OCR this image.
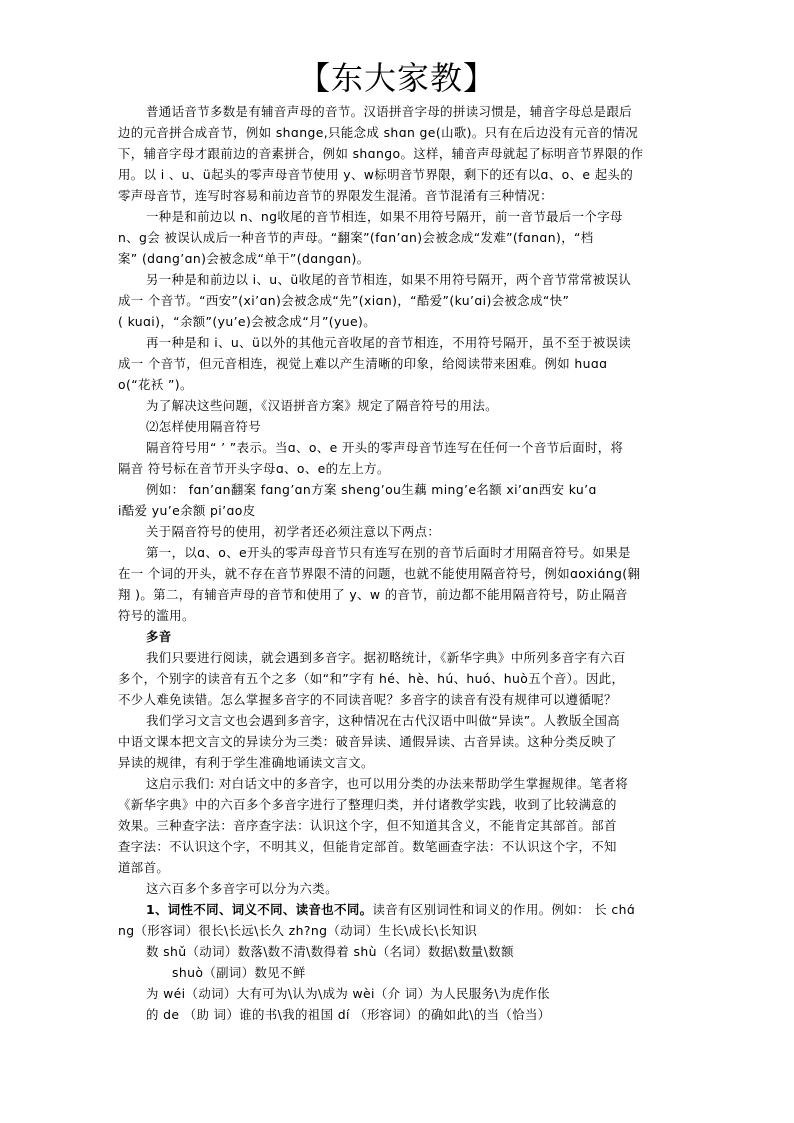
【东大家教】
普通话音节多数是有辅音声母的音节。汉语拼音字母的拼读习惯是，辅音字母总是跟后
边的元音拼合成音节，例如 shɑnge,只能念成 shɑn ge(山歌)。只有在后边没有元音的情况
下，辅音字母才跟前边的音素拼合，例如 shɑnɡo。这样，辅音声母就起了标明音节界限的作
用。以 i 、u、ü起头的零声母音节使用 y、w标明音节界限，剩下的还有以ɑ、o、e 起头的
零声母音节，连写时容易和前边音节的界限发生混淆。音节混淆有三种情况：
一种是和前边以 n、ng收尾的音节相连，如果不用符号隔开，前一音节最后一个字母
n、g会 被误认成后一种音节的声母。“翻案”(fɑn’ɑn)会被念成“发难”(fɑnɑn)，“档
案” (dɑng’ɑn)会被念成“单干”(dɑngɑn)。
另一种是和前边以 i、u、ü收尾的音节相连，如果不用符号隔开，两个音节常常被误认
成一 个音节。“西安”(xi’ɑn)会被念成“先”(xiɑn)，“酷爱”(ku’ɑi)会被念成“快”
( kuɑi)，“余额”(yu’e)会被念成“月”(yue)。
再一种是和 i、u、ü以外的其他元音收尾的音节相连，不用符号隔开，虽不至于被误读
成一 个音节，但元音相连，视觉上难以产生清晰的印象，给阅读带来困难。例如 huɑɑ
o(“花袄 ”)。
为了解决这些问题，《汉语拼音方案》规定了隔音符号的用法。
⑵怎样使用隔音符号
隔音符号用“ ’ ”表示。当ɑ、o、e 开头的零声母音节连写在任何一个音节后面时，将
隔音 符号标在音节开头字母ɑ、o、e的左上方。
例如： fɑn’ɑn翻案 fɑng’ɑn方案 sheng’ou生藕 ming’e名额 xi’ɑn西安 ku’ɑ
i酷爱 yu’e余额 pi’ɑo皮
关于隔音符号的使用，初学者还必须注意以下两点：
第一，以ɑ、o、e开头的零声母音节只有连写在别的音节后面时才用隔音符号。如果是
在一 个词的开头，就不存在音节界限不清的问题，也就不能使用隔音符号，例如ɑoxiɑ́ng(翱
翔 )。第二，有辅音声母的音节和使用了 y、w 的音节，前边都不能用隔音符号，防止隔音
符号的滥用。
多音
我们只要进行阅读，就会遇到多音字。据初略统计，《新华字典》中所列多音字有六百
多个，个别字的读音有五个之多（如“和”字有 hé、hè、hú、huó、huò五个音）。因此，
不少人难免读错。怎么掌握多音字的不同读音呢？多音字的读音有没有规律可以遵循呢？
我们学习文言文也会遇到多音字，这种情况在古代汉语中叫做“异读”。人教版全国高
中语文课本把文言文的异读分为三类：破音异读、通假异读、古音异读。这种分类反映了
异读的规律，有利于学生准确地诵读文言文。
这启示我们: 对白话文中的多音字，也可以用分类的办法来帮助学生掌握规律。笔者将
《新华字典》中的六百多个多音字进行了整理归类，并付诸教学实践，收到了比较满意的
效果。三种查字法：音序查字法：认识这个字，但不知道其含义，不能肯定其部首。部首
查字法：不认识这个字，不明其义，但能肯定部首。数笔画查字法：不认识这个字，不知
道部首。
这六百多个多音字可以分为六类。
1、词性不同、词义不同、读音也不同。读音有区别词性和词义的作用。例如： 长 chɑ́
ng（形容词）很长\长远\长久 zh?ng（动词）生长\成长\长知识
数 shǔ（动词）数落\数不清\数得着 shù（名词）数据\数量\数额
shuò（副词）数见不鲜
为 wéi（动词）大有可为\认为\成为 wèi（介 词）为人民服务\为虎作伥
的 de （助 词）谁的书\我的祖国 dí （形容词）的确如此\的当（恰当）
